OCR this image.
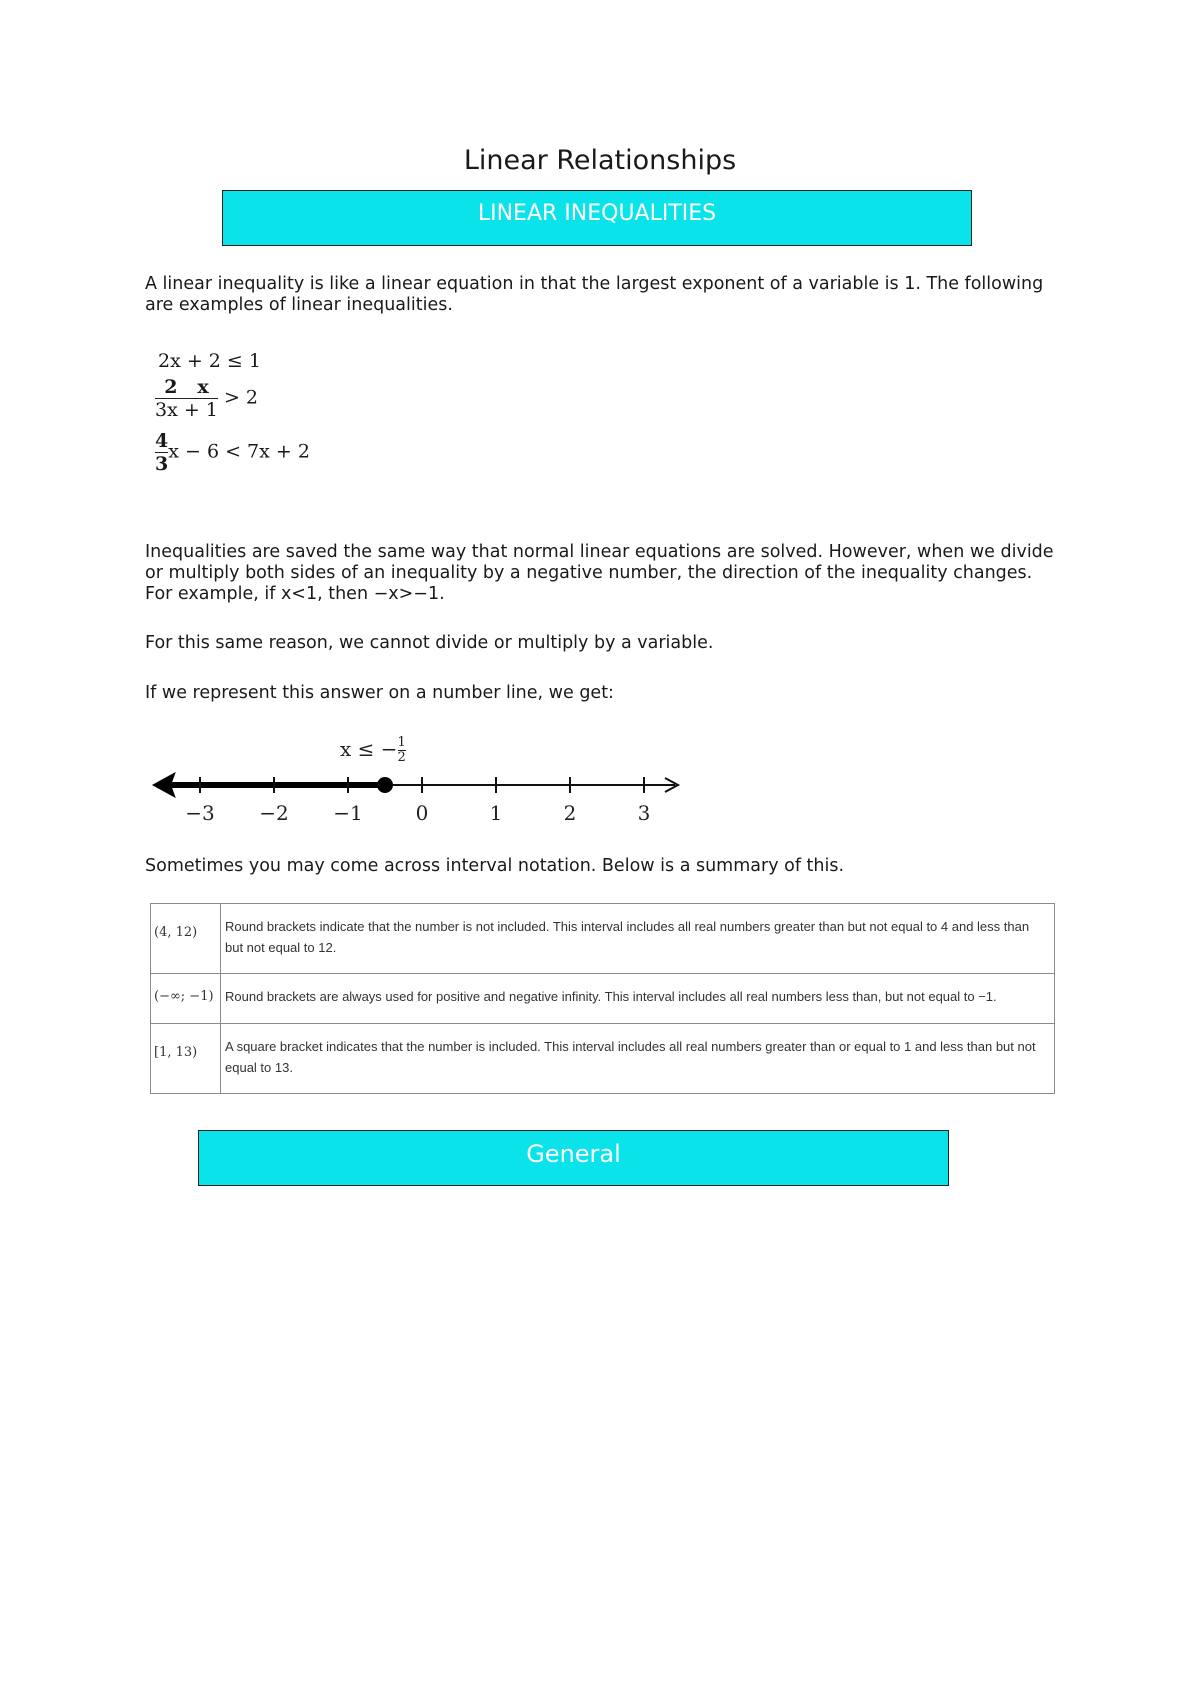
Linear Relationships
LINEAR INEQUALITIES
A linear inequality is like a linear equation in that the largest exponent of a variable is 1. The following are examples of linear inequalities.
2x + 2 ≤ 1
$\frac{2 x}{3x + 1} > 2$
$\frac{4}{3}$ x − 6 < 7x + 2
Inequalities are saved the same way that normal linear equations are solved. However, when we divide or multiply both sides of an inequality by a negative number, the direction of the inequality changes. For example, if x<1, then −x>−1.
For this same reason, we cannot divide or multiply by a variable.
If we represent this answer on a number line, we get:
x ≤ − $\frac{1}{2}$
−3 −2 −1	0	1	2	3
Sometimes you may come across interval notation. Below is a summary of this.
(4, 12)	Round brackets indicate that the number is not included. This interval includes all real numbers greater than but not equal to 4 and less than but not equal to 12.
(−∞; −1)	Round brackets are always used for positive and negative infinity. This interval includes all real numbers less than, but not equal to −1.
[1, 13)	A square bracket indicates that the number is included. This interval includes all real numbers greater than or equal to 1 and less than but not equal to 13.
General
